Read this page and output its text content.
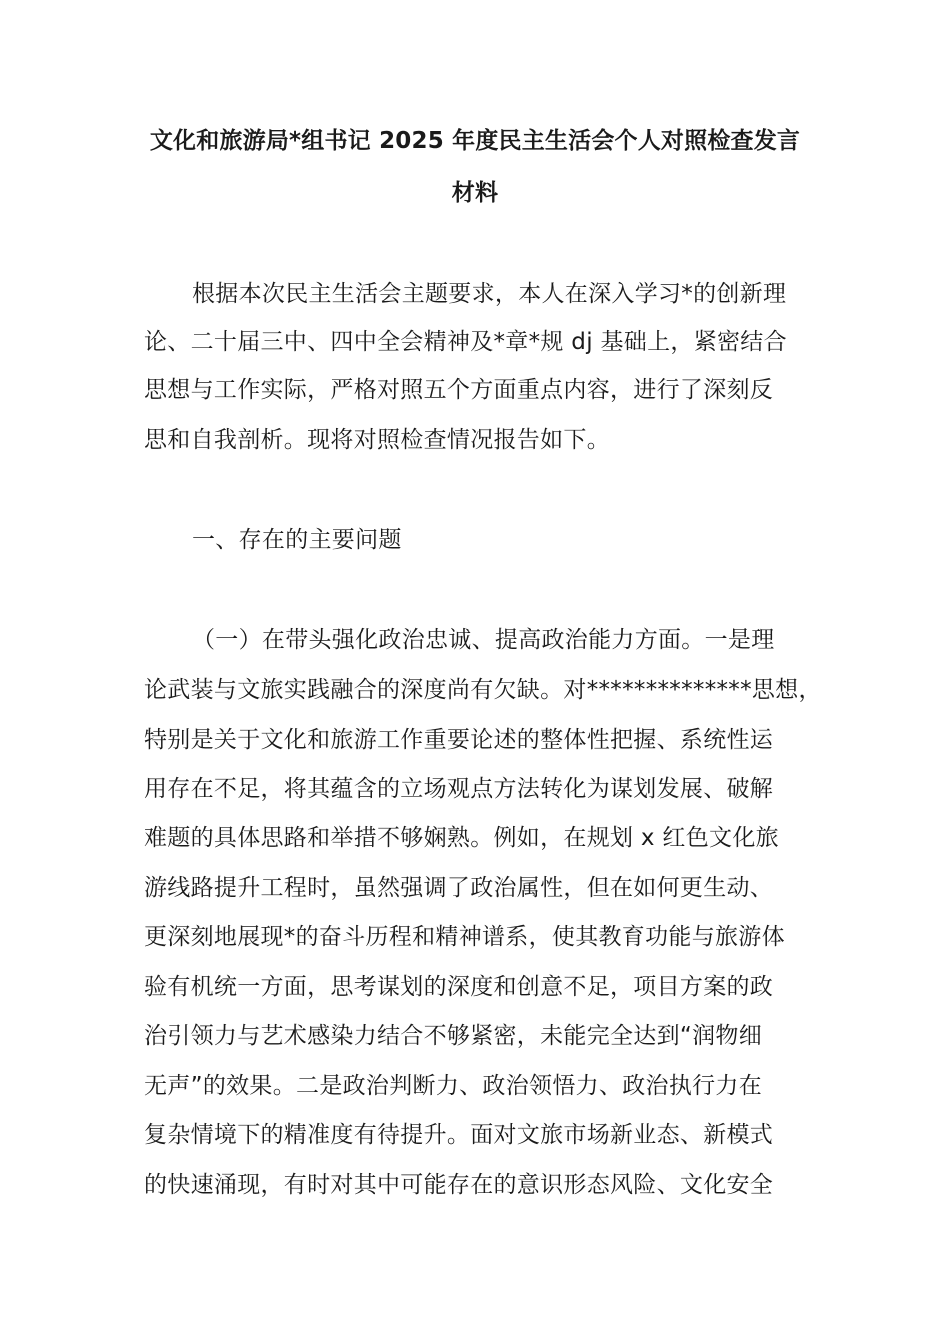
文化和旅游局*组书记 2025 年度民主生活会个人对照检查发言
材料
根据本次民主生活会主题要求，本人在深入学习*的创新理
论、二十届三中、四中全会精神及*章*规 dj 基础上，紧密结合
思想与工作实际，严格对照五个方面重点内容，进行了深刻反
思和自我剖析。现将对照检查情况报告如下。
一、存在的主要问题
（一）在带头强化政治忠诚、提高政治能力方面。一是理
论武装与文旅实践融合的深度尚有欠缺。对**************思想，
特别是关于文化和旅游工作重要论述的整体性把握、系统性运
用存在不足，将其蕴含的立场观点方法转化为谋划发展、破解
难题的具体思路和举措不够娴熟。例如，在规划 x 红色文化旅
游线路提升工程时，虽然强调了政治属性，但在如何更生动、
更深刻地展现*的奋斗历程和精神谱系，使其教育功能与旅游体
验有机统一方面，思考谋划的深度和创意不足，项目方案的政
治引领力与艺术感染力结合不够紧密，未能完全达到“润物细
无声”的效果。二是政治判断力、政治领悟力、政治执行力在
复杂情境下的精准度有待提升。面对文旅市场新业态、新模式
的快速涌现，有时对其中可能存在的意识形态风险、文化安全
